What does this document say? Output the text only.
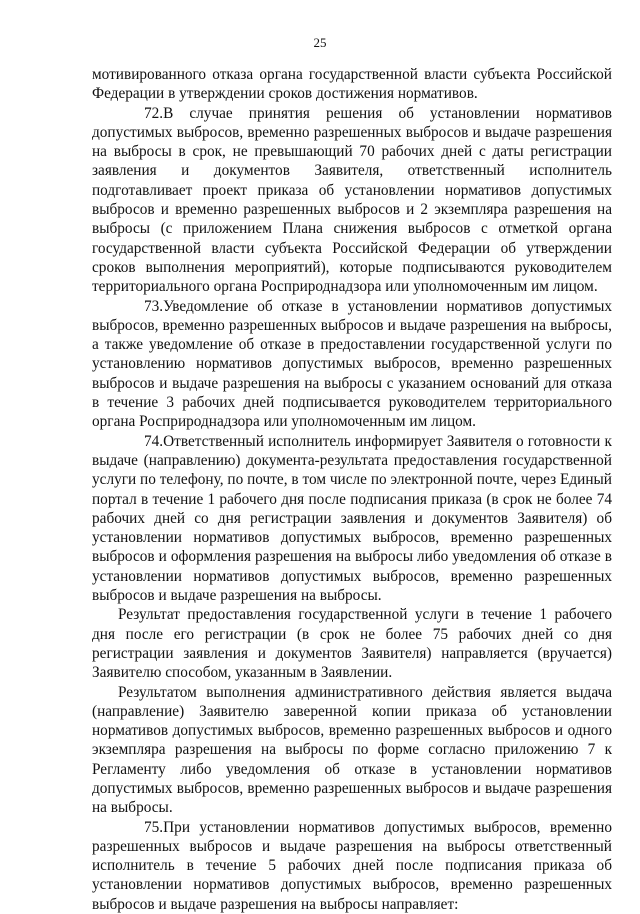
25

мотивированного отказа органа государственной власти субъекта Российской Федерации в утверждении сроков достижения нормативов.

72.В случае принятия решения об установлении нормативов допустимых выбросов, временно разрешенных выбросов и выдаче разрешения на выбросы в срок, не превышающий 70 рабочих дней с даты регистрации заявления и документов Заявителя, ответственный исполнитель подготавливает проект приказа об установлении нормативов допустимых выбросов и временно разрешенных выбросов и 2 экземпляра разрешения на выбросы (с приложением Плана снижения выбросов с отметкой органа государственной власти субъекта Российской Федерации об утверждении сроков выполнения мероприятий), которые подписываются руководителем территориального органа Росприроднадзора или уполномоченным им лицом.

73.Уведомление об отказе в установлении нормативов допустимых выбросов, временно разрешенных выбросов и выдаче разрешения на выбросы, а также уведомление об отказе в предоставлении государственной услуги по установлению нормативов допустимых выбросов, временно разрешенных выбросов и выдаче разрешения на выбросы с указанием оснований для отказа в течение 3 рабочих дней подписывается руководителем территориального органа Росприроднадзора или уполномоченным им лицом.

74.Ответственный исполнитель информирует Заявителя о готовности к выдаче (направлению) документа-результата предоставления государственной услуги по телефону, по почте, в том числе по электронной почте, через Единый портал в течение 1 рабочего дня после подписания приказа (в срок не более 74 рабочих дней со дня регистрации заявления и документов Заявителя) об установлении нормативов допустимых выбросов, временно разрешенных выбросов и оформления разрешения на выбросы либо уведомления об отказе в установлении нормативов допустимых выбросов, временно разрешенных выбросов и выдаче разрешения на выбросы.

Результат предоставления государственной услуги в течение 1 рабочего дня после его регистрации (в срок не более 75 рабочих дней со дня регистрации заявления и документов Заявителя) направляется (вручается) Заявителю способом, указанным в Заявлении.

Результатом выполнения административного действия является выдача (направление) Заявителю заверенной копии приказа об установлении нормативов допустимых выбросов, временно разрешенных выбросов и одного экземпляра разрешения на выбросы по форме согласно приложению 7 к Регламенту либо уведомления об отказе в установлении нормативов допустимых выбросов, временно разрешенных выбросов и выдаче разрешения на выбросы.

75.При установлении нормативов допустимых выбросов, временно разрешенных выбросов и выдаче разрешения на выбросы ответственный исполнитель в течение 5 рабочих дней после подписания приказа об установлении нормативов допустимых выбросов, временно разрешенных выбросов и выдаче разрешения на выбросы направляет:
